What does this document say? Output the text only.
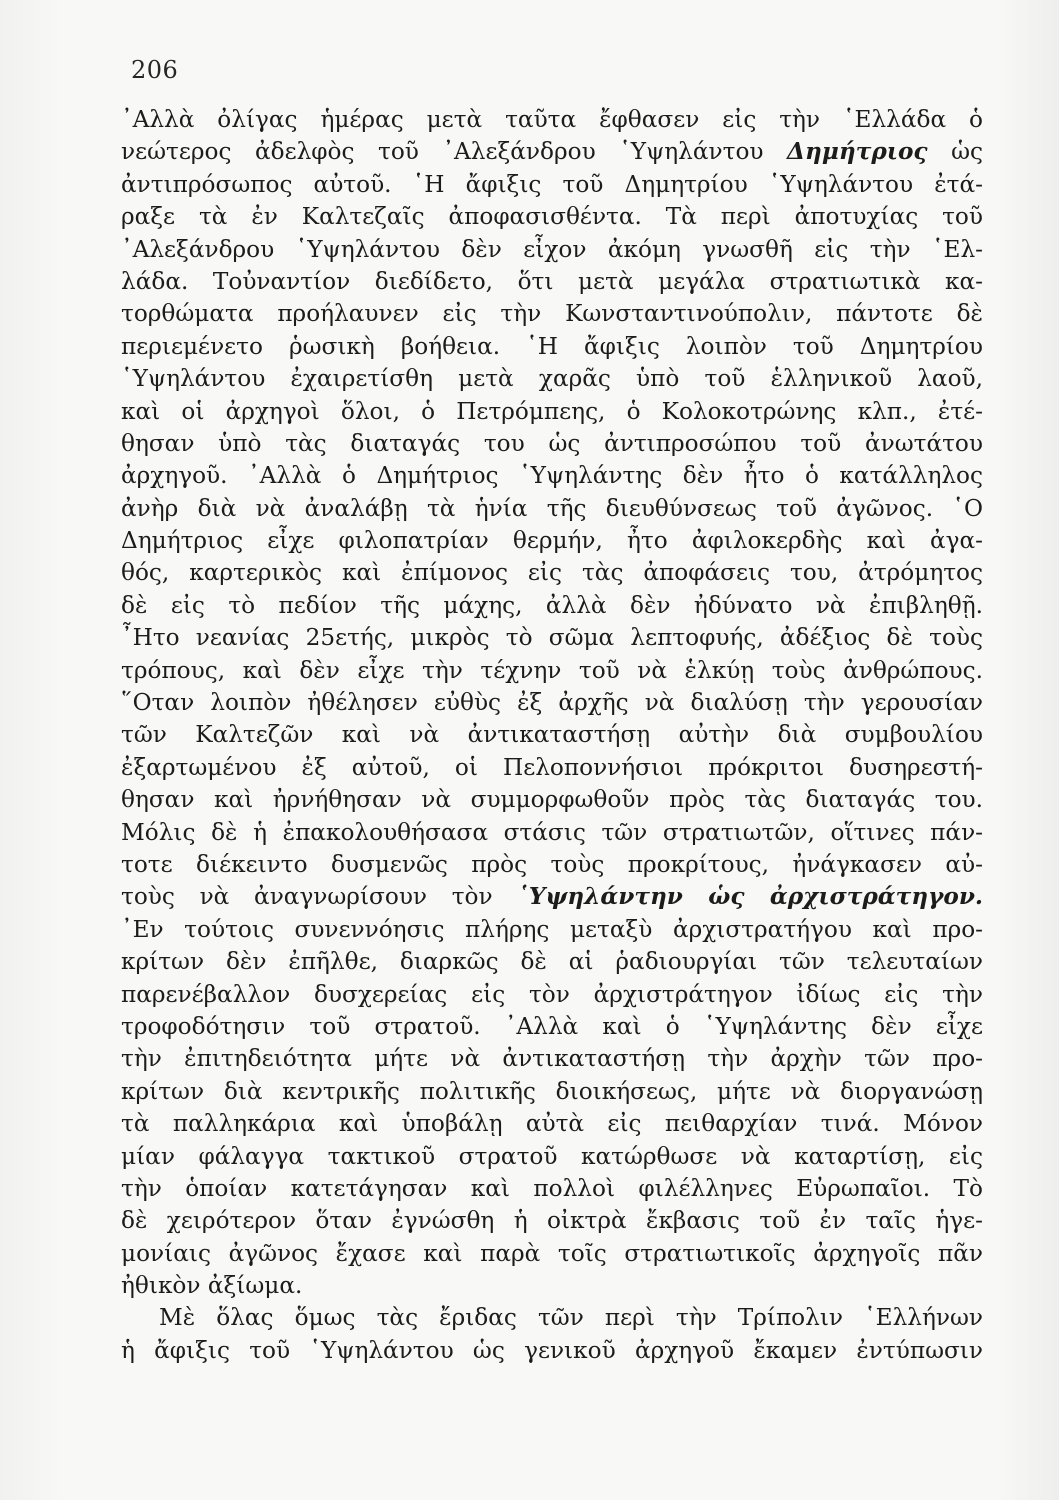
206
᾿Αλλὰ ὀλίγας ἡμέρας μετὰ ταῦτα ἔφθασεν εἰς τὴν ῾Ελλάδα ὁ
νεώτερος ἀδελφὸς τοῦ ᾿Αλεξάνδρου ῾Υψηλάντου Δημήτριος ὡς
ἀντιπρόσωπος αὐτοῦ. ῾Η ἄφιξις τοῦ Δημητρίου ῾Υψηλάντου ἐτά-
ραξε τὰ ἐν Καλτεζαῖς ἀποφασισθέντα. Τὰ περὶ ἀποτυχίας τοῦ
᾿Αλεξάνδρου ῾Υψηλάντου δὲν εἶχον ἀκόμη γνωσθῆ εἰς τὴν ῾Ελ-
λάδα. Τοὐναντίον διεδίδετο, ὅτι μετὰ μεγάλα στρατιωτικὰ κα-
τορθώματα προήλαυνεν εἰς τὴν Κωνσταντινούπολιν, πάντοτε δὲ
περιεμένετο ῥωσικὴ βοήθεια. ῾Η ἄφιξις λοιπὸν τοῦ Δημητρίου
῾Υψηλάντου ἐχαιρετίσθη μετὰ χαρᾶς ὑπὸ τοῦ ἑλληνικοῦ λαοῦ,
καὶ οἱ ἀρχηγοὶ ὅλοι, ὁ Πετρόμπεης, ὁ Κολοκοτρώνης κλπ., ἐτέ-
θησαν ὑπὸ τὰς διαταγάς του ὡς ἀντιπροσώπου τοῦ ἀνωτάτου
ἀρχηγοῦ. ᾿Αλλὰ ὁ Δημήτριος ῾Υψηλάντης δὲν ἦτο ὁ κατάλληλος
ἀνὴρ διὰ νὰ ἀναλάβῃ τὰ ἡνία τῆς διευθύνσεως τοῦ ἀγῶνος. ῾Ο
Δημήτριος εἶχε φιλοπατρίαν θερμήν, ἦτο ἀφιλοκερδὴς καὶ ἀγα-
θός, καρτερικὸς καὶ ἐπίμονος εἰς τὰς ἀποφάσεις του, ἀτρόμητος
δὲ εἰς τὸ πεδίον τῆς μάχης, ἀλλὰ δὲν ἠδύνατο νὰ ἐπιβληθῇ.
῏Ητο νεανίας 25ετής, μικρὸς τὸ σῶμα λεπτοφυής, ἀδέξιος δὲ τοὺς
τρόπους, καὶ δὲν εἶχε τὴν τέχνην τοῦ νὰ ἑλκύῃ τοὺς ἀνθρώπους.
῞Οταν λοιπὸν ἠθέλησεν εὐθὺς ἐξ ἀρχῆς νὰ διαλύσῃ τὴν γερουσίαν
τῶν Καλτεζῶν καὶ νὰ ἀντικαταστήσῃ αὐτὴν διὰ συμβουλίου
ἐξαρτωμένου ἐξ αὐτοῦ, οἱ Πελοποννήσιοι πρόκριτοι δυσηρεστή-
θησαν καὶ ἠρνήθησαν νὰ συμμορφωθοῦν πρὸς τὰς διαταγάς του.
Μόλις δὲ ἡ ἐπακολουθήσασα στάσις τῶν στρατιωτῶν, οἵτινες πάν-
τοτε διέκειντο δυσμενῶς πρὸς τοὺς προκρίτους, ἠνάγκασεν αὐ-
τοὺς νὰ ἀναγνωρίσουν τὸν ῾Υψηλάντην ὡς ἀρχιστράτηγον.
᾿Εν τούτοις συνεννόησις πλήρης μεταξὺ ἀρχιστρατήγου καὶ προ-
κρίτων δὲν ἐπῆλθε, διαρκῶς δὲ αἱ ῥαδιουργίαι τῶν τελευταίων
παρενέβαλλον δυσχερείας εἰς τὸν ἀρχιστράτηγον ἰδίως εἰς τὴν
τροφοδότησιν τοῦ στρατοῦ. ᾿Αλλὰ καὶ ὁ ῾Υψηλάντης δὲν εἶχε
τὴν ἐπιτηδειότητα μήτε νὰ ἀντικαταστήσῃ τὴν ἀρχὴν τῶν προ-
κρίτων διὰ κεντρικῆς πολιτικῆς διοικήσεως, μήτε νὰ διοργανώσῃ
τὰ παλληκάρια καὶ ὑποβάλῃ αὐτὰ εἰς πειθαρχίαν τινά. Μόνον
μίαν φάλαγγα τακτικοῦ στρατοῦ κατώρθωσε νὰ καταρτίσῃ, εἰς
τὴν ὁποίαν κατετάγησαν καὶ πολλοὶ φιλέλληνες Εὐρωπαῖοι. Τὸ
δὲ χειρότερον ὅταν ἐγνώσθη ἡ οἰκτρὰ ἔκβασις τοῦ ἐν ταῖς ἡγε-
μονίαις ἀγῶνος ἔχασε καὶ παρὰ τοῖς στρατιωτικοῖς ἀρχηγοῖς πᾶν
ἠθικὸν ἀξίωμα.
Μὲ ὅλας ὅμως τὰς ἔριδας τῶν περὶ τὴν Τρίπολιν ῾Ελλήνων
ἡ ἄφιξις τοῦ ῾Υψηλάντου ὡς γενικοῦ ἀρχηγοῦ ἔκαμεν ἐντύπωσιν
